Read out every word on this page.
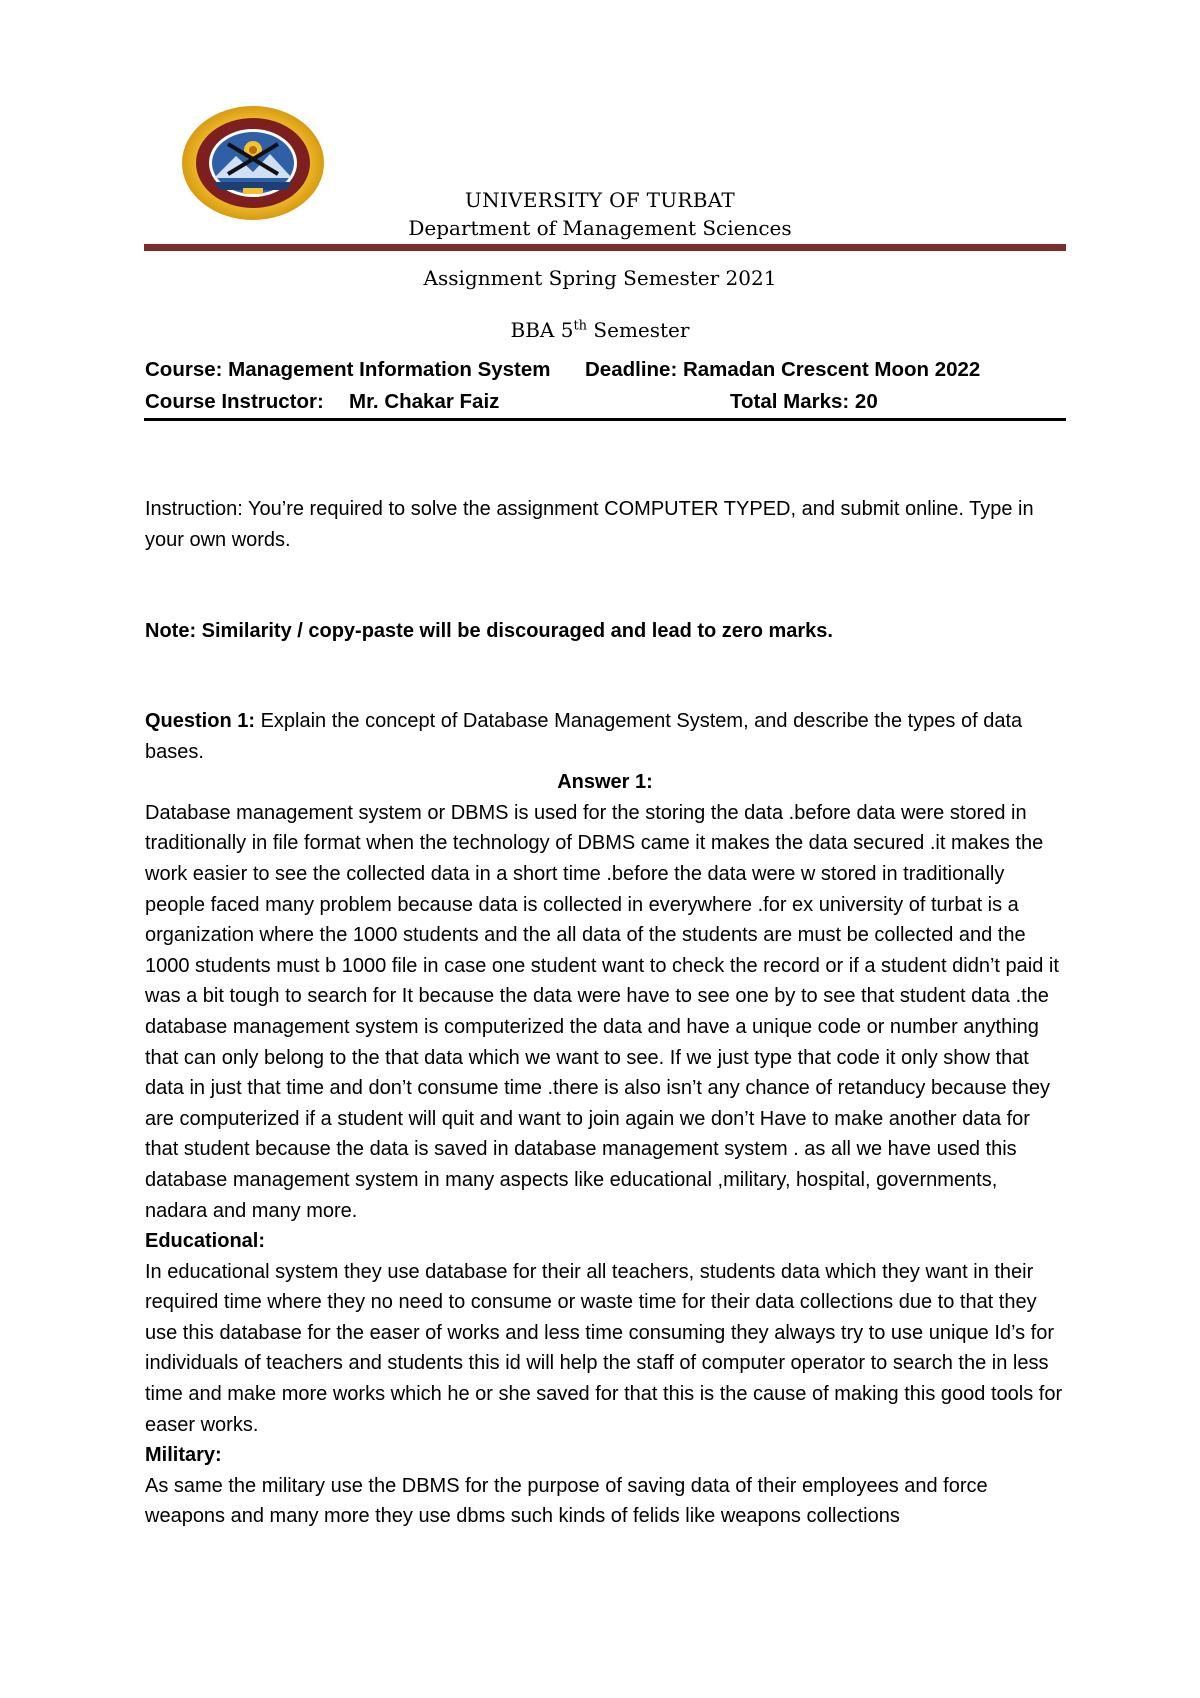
UNIVERSITY OF TURBAT
Department of Management Sciences
Assignment Spring Semester 2021
BBA 5th Semester
Course: Management Information System Deadline: Ramadan Crescent Moon 2022
Course Instructor: Mr. Chakar Faiz	Total Marks: 20

Instruction: You’re required to solve the assignment COMPUTER TYPED, and submit online. Type in your own words.

Note: Similarity / copy-paste will be discouraged and lead to zero marks.

Question 1: Explain the concept of Database Management System, and describe the types of data bases.

Answer 1:

Database management system or DBMS is used for the storing the data .before data were stored in traditionally in file format when the technology of DBMS came it makes the data secured .it makes the work easier to see the collected data in a short time .before the data were w stored in traditionally people faced many problem because data is collected in everywhere .for ex university of turbat is a organization where the 1000 students and the all data of the students are must be collected and the 1000 students must b 1000 file in case one student want to check the record or if a student didn’t paid it was a bit tough to search for It because the data were have to see one by to see that student data .the database management system is computerized the data and have a unique code or number anything that can only belong to the that data which we want to see. If we just type that code it only show that data in just that time and don’t consume time .there is also isn’t any chance of retanducy because they are computerized if a student will quit and want to join again we don’t Have to make another data for that student because the data is saved in database management system . as all we have used this database management system in many aspects like educational ,military, hospital, governments, nadara and many more.

Educational:

In educational system they use database for their all teachers, students data which they want in their required time where they no need to consume or waste time for their data collections due to that they use this database for the easer of works and less time consuming they always try to use unique Id’s for individuals of teachers and students this id will help the staff of computer operator to search the in less time and make more works which he or she saved for that this is the cause of making this good tools for easer works.

Military:

As same the military use the DBMS for the purpose of saving data of their employees and force weapons and many more they use dbms such kinds of felids like weapons collections
